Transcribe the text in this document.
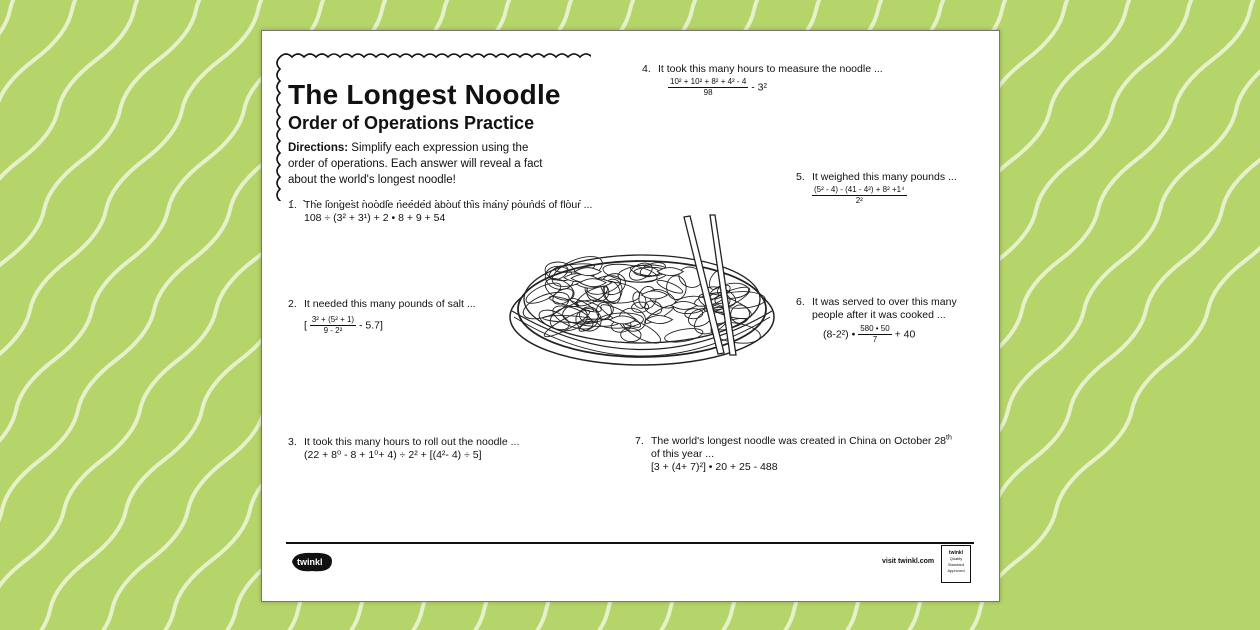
The Longest Noodle
Order of Operations Practice
Directions: Simplify each expression using the order of operations. Each answer will reveal a fact about the world's longest noodle!
4. It took this many hours to measure the noodle ...
$\frac{\text{10² + 10² + 8² + 4² - 4}}{98} - 3^2$
5. It weighed this many pounds ...
$\frac{\text{(5² - 4) - (41 - 4²) + 8² +1⁴}}{\text{2²}}$
1. The longest noodle needed about this many pounds of flour ...
108 ÷ (3² + 3¹) + 2 • 8 + 9 + 54
2. It needed this many pounds of salt ...
[ $\frac{\text{3² + (5² + 1)}}{\text{9 - 2²}} - 5.7$]
6. It was served to over this many
people after it was cooked ...
(8-2²) • $\frac{580 • 50}{7} + 40$
3. It took this many hours to roll out the noodle ...
(22 + 8⁰ - 8 + 1⁰+ 4) ÷ 2² + [(4²- 4) ÷ 5]
7. The world's longest noodle was created in China on October 28th
of this year ...
[3 + (4+ 7)²] • 20 + 25 - 488
twinkl	visit twinkl.com
twinkl
Quality Standard Approved
